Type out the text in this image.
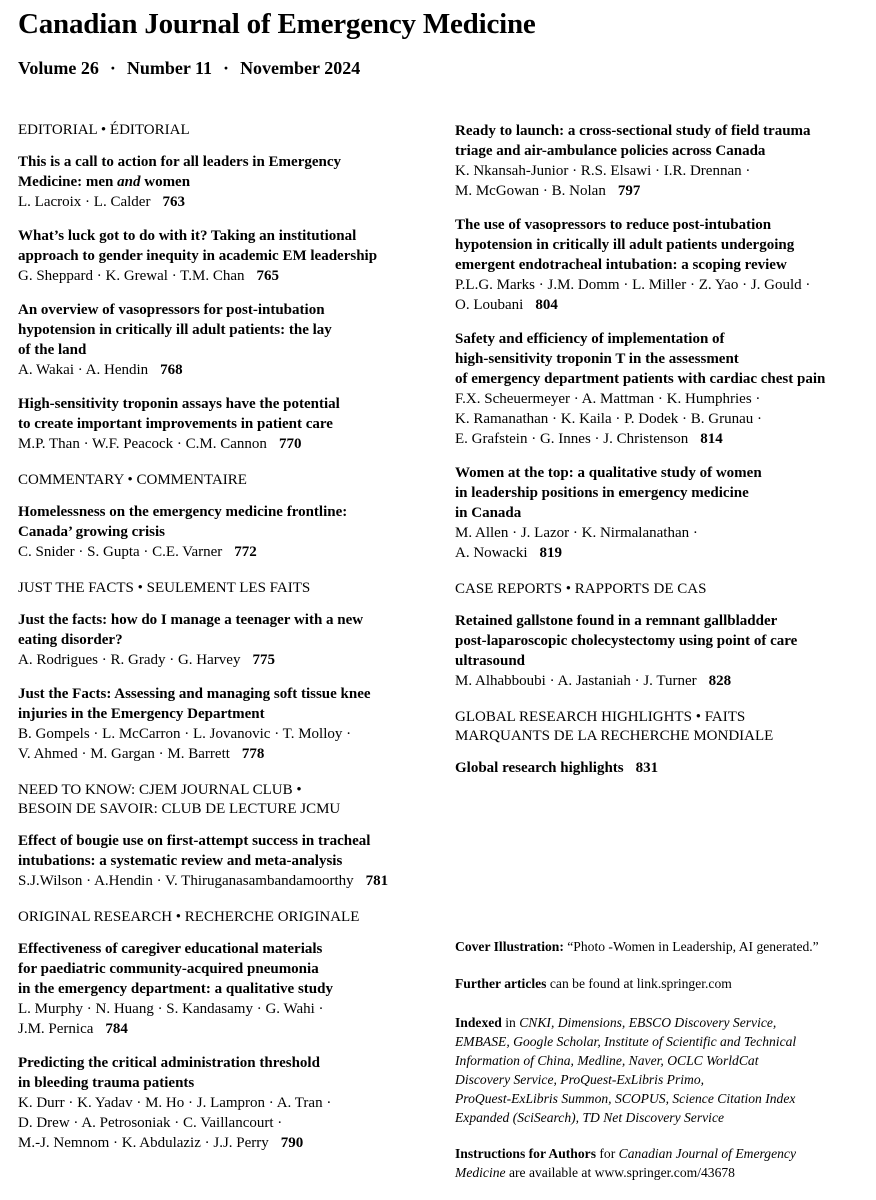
Canadian Journal of Emergency Medicine
Volume 26 · Number 11 · November 2024
EDITORIAL • ÉDITORIAL
This is a call to action for all leaders in Emergency
Medicine: men and women
L. Lacroix · L. Calder 763
What’s luck got to do with it? Taking an institutional
approach to gender inequity in academic EM leadership
G. Sheppard · K. Grewal · T.M. Chan 765
An overview of vasopressors for post-intubation
hypotension in critically ill adult patients: the lay
of the land
A. Wakai · A. Hendin 768
High-sensitivity troponin assays have the potential
to create important improvements in patient care
M.P. Than · W.F. Peacock · C.M. Cannon 770
COMMENTARY • COMMENTAIRE
Homelessness on the emergency medicine frontline:
Canada’ growing crisis
C. Snider · S. Gupta · C.E. Varner 772
JUST THE FACTS • SEULEMENT LES FAITS
Just the facts: how do I manage a teenager with a new
eating disorder?
A. Rodrigues · R. Grady · G. Harvey 775
Just the Facts: Assessing and managing soft tissue knee
injuries in the Emergency Department
B. Gompels · L. McCarron · L. Jovanovic · T. Molloy ·
V. Ahmed · M. Gargan · M. Barrett 778
NEED TO KNOW: CJEM JOURNAL CLUB •
BESOIN DE SAVOIR: CLUB DE LECTURE JCMU
Effect of bougie use on first-attempt success in tracheal
intubations: a systematic review and meta-analysis
S.J.Wilson · A.Hendin · V. Thiruganasambandamoorthy 781
ORIGINAL RESEARCH • RECHERCHE ORIGINALE
Effectiveness of caregiver educational materials
for paediatric community-acquired pneumonia
in the emergency department: a qualitative study
L. Murphy · N. Huang · S. Kandasamy · G. Wahi ·
J.M. Pernica 784
Predicting the critical administration threshold
in bleeding trauma patients
K. Durr · K. Yadav · M. Ho · J. Lampron · A. Tran ·
D. Drew · A. Petrosoniak · C. Vaillancourt ·
M.-J. Nemnom · K. Abdulaziz · J.J. Perry 790
Ready to launch: a cross-sectional study of field trauma
triage and air-ambulance policies across Canada
K. Nkansah-Junior · R.S. Elsawi · I.R. Drennan ·
M. McGowan · B. Nolan 797
The use of vasopressors to reduce post-intubation
hypotension in critically ill adult patients undergoing
emergent endotracheal intubation: a scoping review
P.L.G. Marks · J.M. Domm · L. Miller · Z. Yao · J. Gould ·
O. Loubani 804
Safety and efficiency of implementation of
high-sensitivity troponin T in the assessment
of emergency department patients with cardiac chest pain
F.X. Scheuermeyer · A. Mattman · K. Humphries ·
K. Ramanathan · K. Kaila · P. Dodek · B. Grunau ·
E. Grafstein · G. Innes · J. Christenson 814
Women at the top: a qualitative study of women
in leadership positions in emergency medicine
in Canada
M. Allen · J. Lazor · K. Nirmalanathan ·
A. Nowacki 819
CASE REPORTS • RAPPORTS DE CAS
Retained gallstone found in a remnant gallbladder
post-laparoscopic cholecystectomy using point of care
ultrasound
M. Alhabboubi · A. Jastaniah · J. Turner 828
GLOBAL RESEARCH HIGHLIGHTS • FAITS
MARQUANTS DE LA RECHERCHE MONDIALE
Global research highlights 831
Cover Illustration: “Photo -Women in Leadership, AI generated.”
Further articles can be found at link.springer.com
Indexed in CNKI, Dimensions, EBSCO Discovery Service,
EMBASE, Google Scholar, Institute of Scientific and Technical
Information of China, Medline, Naver, OCLC WorldCat
Discovery Service, ProQuest-ExLibris Primo,
ProQuest-ExLibris Summon, SCOPUS, Science Citation Index
Expanded (SciSearch), TD Net Discovery Service
Instructions for Authors for Canadian Journal of Emergency
Medicine are available at www.springer.com/43678
